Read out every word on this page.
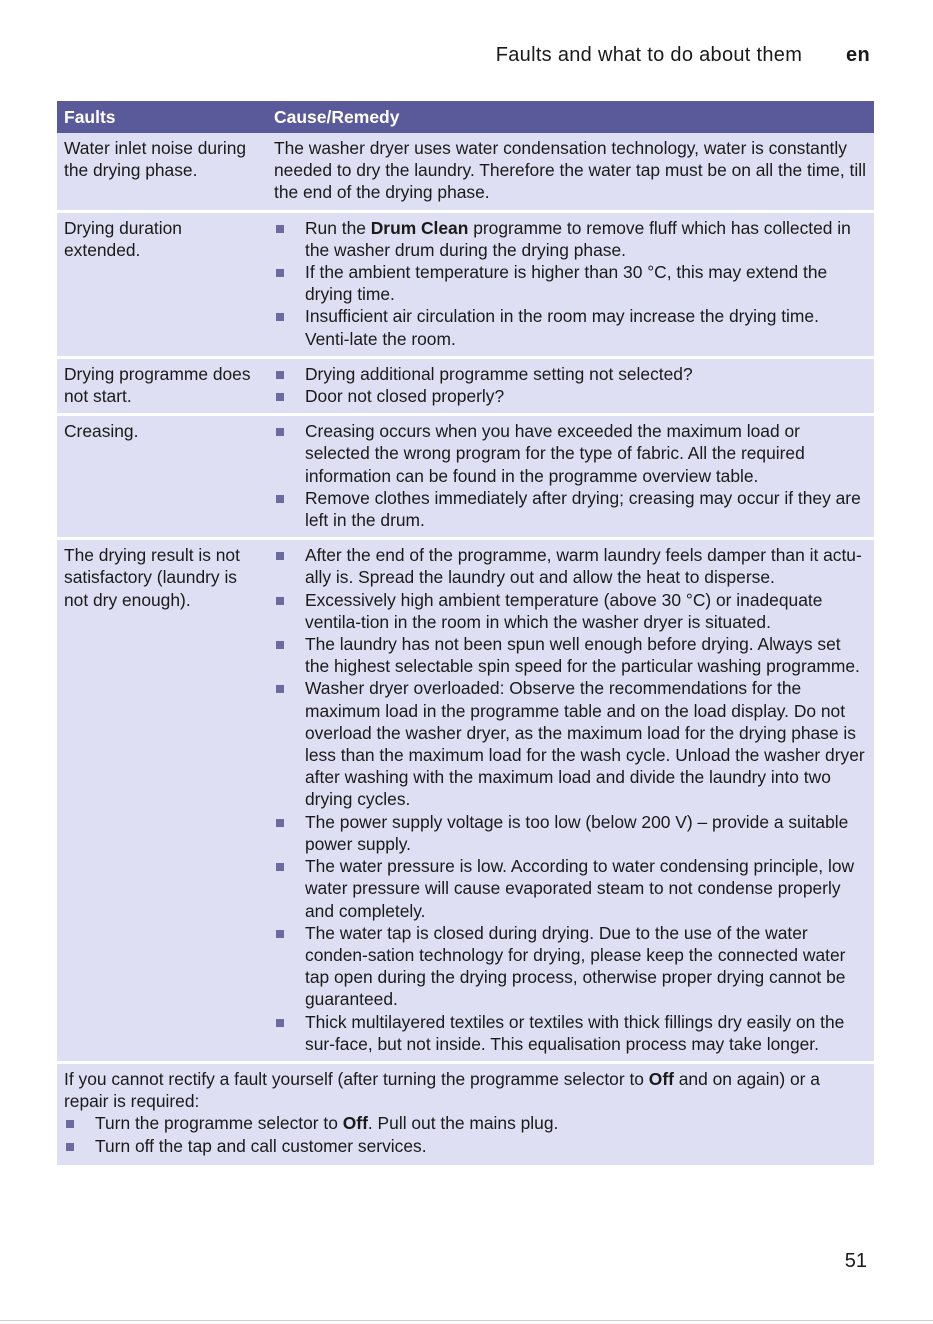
Faults and what to do about them en
Faults	Cause/Remedy
Water inlet noise during the drying phase.
The washer dryer uses water condensation technology, water is constantly needed to dry the laundry. Therefore the water tap must be on all the time, till the end of the drying phase.
Drying duration extended.
Run the Drum Clean programme to remove fluff which has collected in the washer drum during the drying phase.
If the ambient temperature is higher than 30 °C, this may extend the drying time.
Insufficient air circulation in the room may increase the drying time. Venti-late the room.
Drying programme does not start.
Drying additional programme setting not selected?
Door not closed properly?
Creasing.	Creasing occurs when you have exceeded the maximum load or selected the wrong program for the type of fabric. All the required information can be found in the programme overview table.
Remove clothes immediately after drying; creasing may occur if they are left in the drum.
The drying result is not satisfactory (laundry is not dry enough).
After the end of the programme, warm laundry feels damper than it actu-ally is. Spread the laundry out and allow the heat to disperse.
Excessively high ambient temperature (above 30 °C) or inadequate ventila-tion in the room in which the washer dryer is situated.
The laundry has not been spun well enough before drying. Always set the highest selectable spin speed for the particular washing programme.
Washer dryer overloaded: Observe the recommendations for the maximum load in the programme table and on the load display. Do not overload the washer dryer, as the maximum load for the drying phase is less than the maximum load for the wash cycle. Unload the washer dryer after washing with the maximum load and divide the laundry into two drying cycles.
The power supply voltage is too low (below 200 V) – provide a suitable power supply.
The water pressure is low. According to water condensing principle, low water pressure will cause evaporated steam to not condense properly and completely.
The water tap is closed during drying. Due to the use of the water conden-sation technology for drying, please keep the connected water tap open during the drying process, otherwise proper drying cannot be guaranteed.
Thick multilayered textiles or textiles with thick fillings dry easily on the sur-face, but not inside. This equalisation process may take longer.
If you cannot rectify a fault yourself (after turning the programme selector to Off and on again) or a repair is required:
Turn the programme selector to Off. Pull out the mains plug.
Turn off the tap and call customer services.
51
